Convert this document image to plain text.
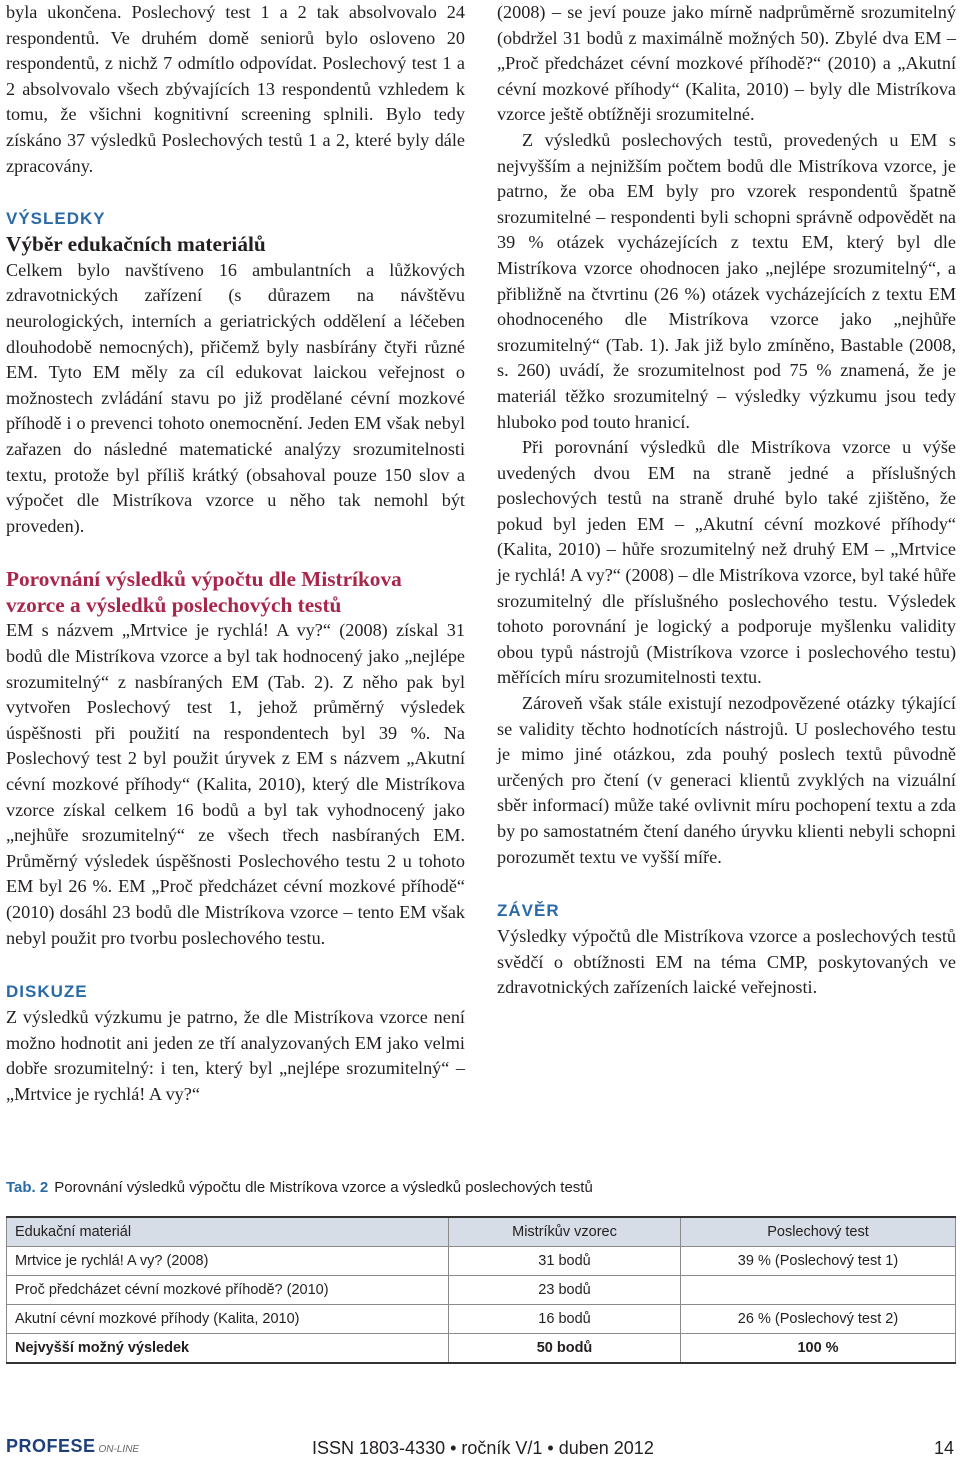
byla ukončena. Poslechový test 1 a 2 tak absolvovalo 24 respondentů. Ve druhém domě seniorů bylo osloveno 20 respondentů, z nichž 7 odmítlo odpovídat. Poslechový test 1 a 2 absolvovalo všech zbývajících 13 respondentů vzhledem k tomu, že všichni kognitivní screening splnili. Bylo tedy získáno 37 výsledků Poslechových testů 1 a 2, které byly dále zpracovány.

VÝSLEDKY
Výběr edukačních materiálů

Celkem bylo navštíveno 16 ambulantních a lůžkových zdravotnických zařízení (s důrazem na návštěvu neurologických, interních a geriatrických oddělení a léčeben dlouhodobě nemocných), přičemž byly nasbírány čtyři různé EM. Tyto EM měly za cíl edukovat laickou veřejnost o možnostech zvládání stavu po již prodělané cévní mozkové příhodě i o prevenci tohoto onemocnění. Jeden EM však nebyl zařazen do následné matematické analýzy srozumitelnosti textu, protože byl příliš krátký (obsahoval pouze 150 slov a výpočet dle Mistríkova vzorce u něho tak nemohl být proveden).

Porovnání výsledků výpočtu dle Mistríkova vzorce a výsledků poslechových testů

EM s názvem „Mrtvice je rychlá! A vy?“ (2008) získal 31 bodů dle Mistríkova vzorce a byl tak hodnocený jako „nejlépe srozumitelný“ z nasbíraných EM (Tab. 2). Z něho pak byl vytvořen Poslechový test 1, jehož průměrný výsledek úspěšnosti při použití na respondentech byl 39 %. Na Poslechový test 2 byl použit úryvek z EM s názvem „Akutní cévní mozkové příhody“ (Kalita, 2010), který dle Mistríkova vzorce získal celkem 16 bodů a byl tak vyhodnocený jako „nejhůře srozumitelný“ ze všech třech nasbíraných EM. Průměrný výsledek úspěšnosti Poslechového testu 2 u tohoto EM byl 26 %. EM „Proč předcházet cévní mozkové příhodě“ (2010) dosáhl 23 bodů dle Mistríkova vzorce – tento EM však nebyl použit pro tvorbu poslechového testu.

DISKUZE

Z výsledků výzkumu je patrno, že dle Mistríkova vzorce není možno hodnotit ani jeden ze tří analyzovaných EM jako velmi dobře srozumitelný: i ten, který byl „nejlépe srozumitelný“ – „Mrtvice je rychlá! A vy?“

(2008) – se jeví pouze jako mírně nadprůměrně srozumitelný (obdržel 31 bodů z maximálně možných 50). Zbylé dva EM – „Proč předcházet cévní mozkové příhodě?“ (2010) a „Akutní cévní mozkové příhody“ (Kalita, 2010) – byly dle Mistríkova vzorce ještě obtížněji srozumitelné.

Z výsledků poslechových testů, provedených u EM s nejvyšším a nejnižším počtem bodů dle Mistríkova vzorce, je patrno, že oba EM byly pro vzorek respondentů špatně srozumitelné – respondenti byli schopni správně odpovědět na 39 % otázek vycházejících z textu EM, který byl dle Mistríkova vzorce ohodnocen jako „nejlépe srozumitelný“, a přibližně na čtvrtinu (26 %) otázek vycházejících z textu EM ohodnoceného dle Mistríkova vzorce jako „nejhůře srozumitelný“ (Tab. 1). Jak již bylo zmíněno, Bastable (2008, s. 260) uvádí, že srozumitelnost pod 75 % znamená, že je materiál těžko srozumitelný – výsledky výzkumu jsou tedy hluboko pod touto hranicí.

Při porovnání výsledků dle Mistríkova vzorce u výše uvedených dvou EM na straně jedné a příslušných poslechových testů na straně druhé bylo také zjištěno, že pokud byl jeden EM – „Akutní cévní mozkové příhody“ (Kalita, 2010) – hůře srozumitelný než druhý EM – „Mrtvice je rychlá! A vy?“ (2008) – dle Mistríkova vzorce, byl také hůře srozumitelný dle příslušného poslechového testu. Výsledek tohoto porovnání je logický a podporuje myšlenku validity obou typů nástrojů (Mistríkova vzorce i poslechového testu) měřících míru srozumitelnosti textu.

Zároveň však stále existují nezodpovězené otázky týkající se validity těchto hodnotících nástrojů. U poslechového testu je mimo jiné otázkou, zda pouhý poslech textů původně určených pro čtení (v generaci klientů zvyklých na vizuální sběr informací) může také ovlivnit míru pochopení textu a zda by po samostatném čtení daného úryvku klienti nebyli schopni porozumět textu ve vyšší míře.

ZÁVĚR

Výsledky výpočtů dle Mistríkova vzorce a poslechových testů svědčí o obtížnosti EM na téma CMP, poskytovaných ve zdravotnických zařízeních laické veřejnosti.

Tab. 2 Porovnání výsledků výpočtu dle Mistríkova vzorce a výsledků poslechových testů
Edukační materiál	Mistríkův vzorec	Poslechový test
Mrtvice je rychlá! A vy? (2008)	31 bodů	39 % (Poslechový test 1)
Proč předcházet cévní mozkové příhodě? (2010)	23 bodů	
Akutní cévní mozkové příhody (Kalita, 2010)	16 bodů	26 % (Poslechový test 2)
Nejvyšší možný výsledek	50 bodů	100 %
PROFESE ON-LINE	ISSN 1803-4330 • ročník V/1 • duben 2012	14
